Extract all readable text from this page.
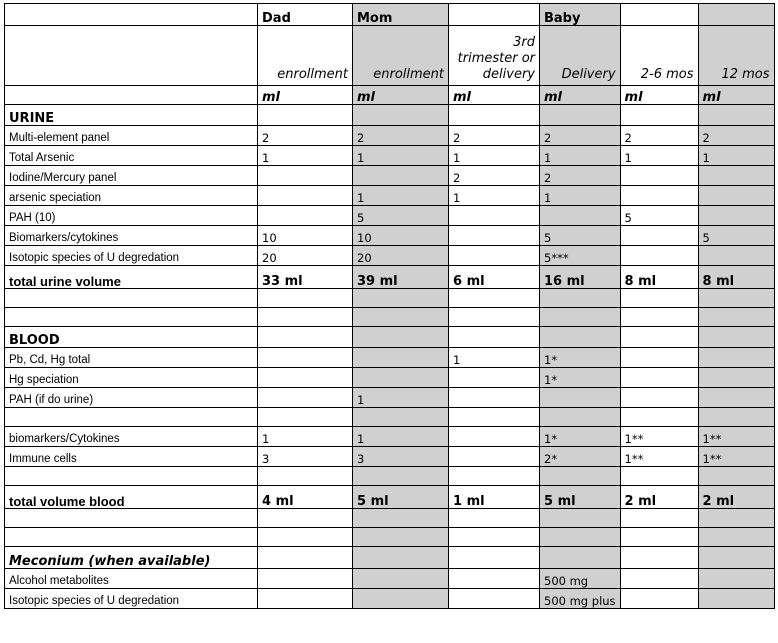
	Dad	Mom		Baby		
	enrollment	enrollment	3rd trimester or delivery	Delivery	2-6 mos	12 mos
	ml	ml	ml	ml	ml	ml
URINE						
Multi-element panel	2	2	2	2	2	2
Total Arsenic	1	1	1	1	1	1
Iodine/Mercury panel			2	2		
arsenic speciation		1	1	1		
PAH (10)		5			5	
Biomarkers/cytokines	10	10		5		5
Isotopic species of U degredation	20	20		5***		
total urine volume	33 ml	39 ml	6 ml	16 ml	8 ml	8 ml

BLOOD						
Pb, Cd, Hg total			1	1*		
Hg speciation				1*		
PAH (if do urine)		1				

biomarkers/Cytokines	1	1		1*	1**	1**
Immune cells	3	3		2*	1**	1**

total volume blood	4 ml	5 ml	1 ml	5 ml	2 ml	2 ml

Meconium (when available)						
Alcohol metabolites				500 mg		
Isotopic species of U degredation				500 mg plus		
